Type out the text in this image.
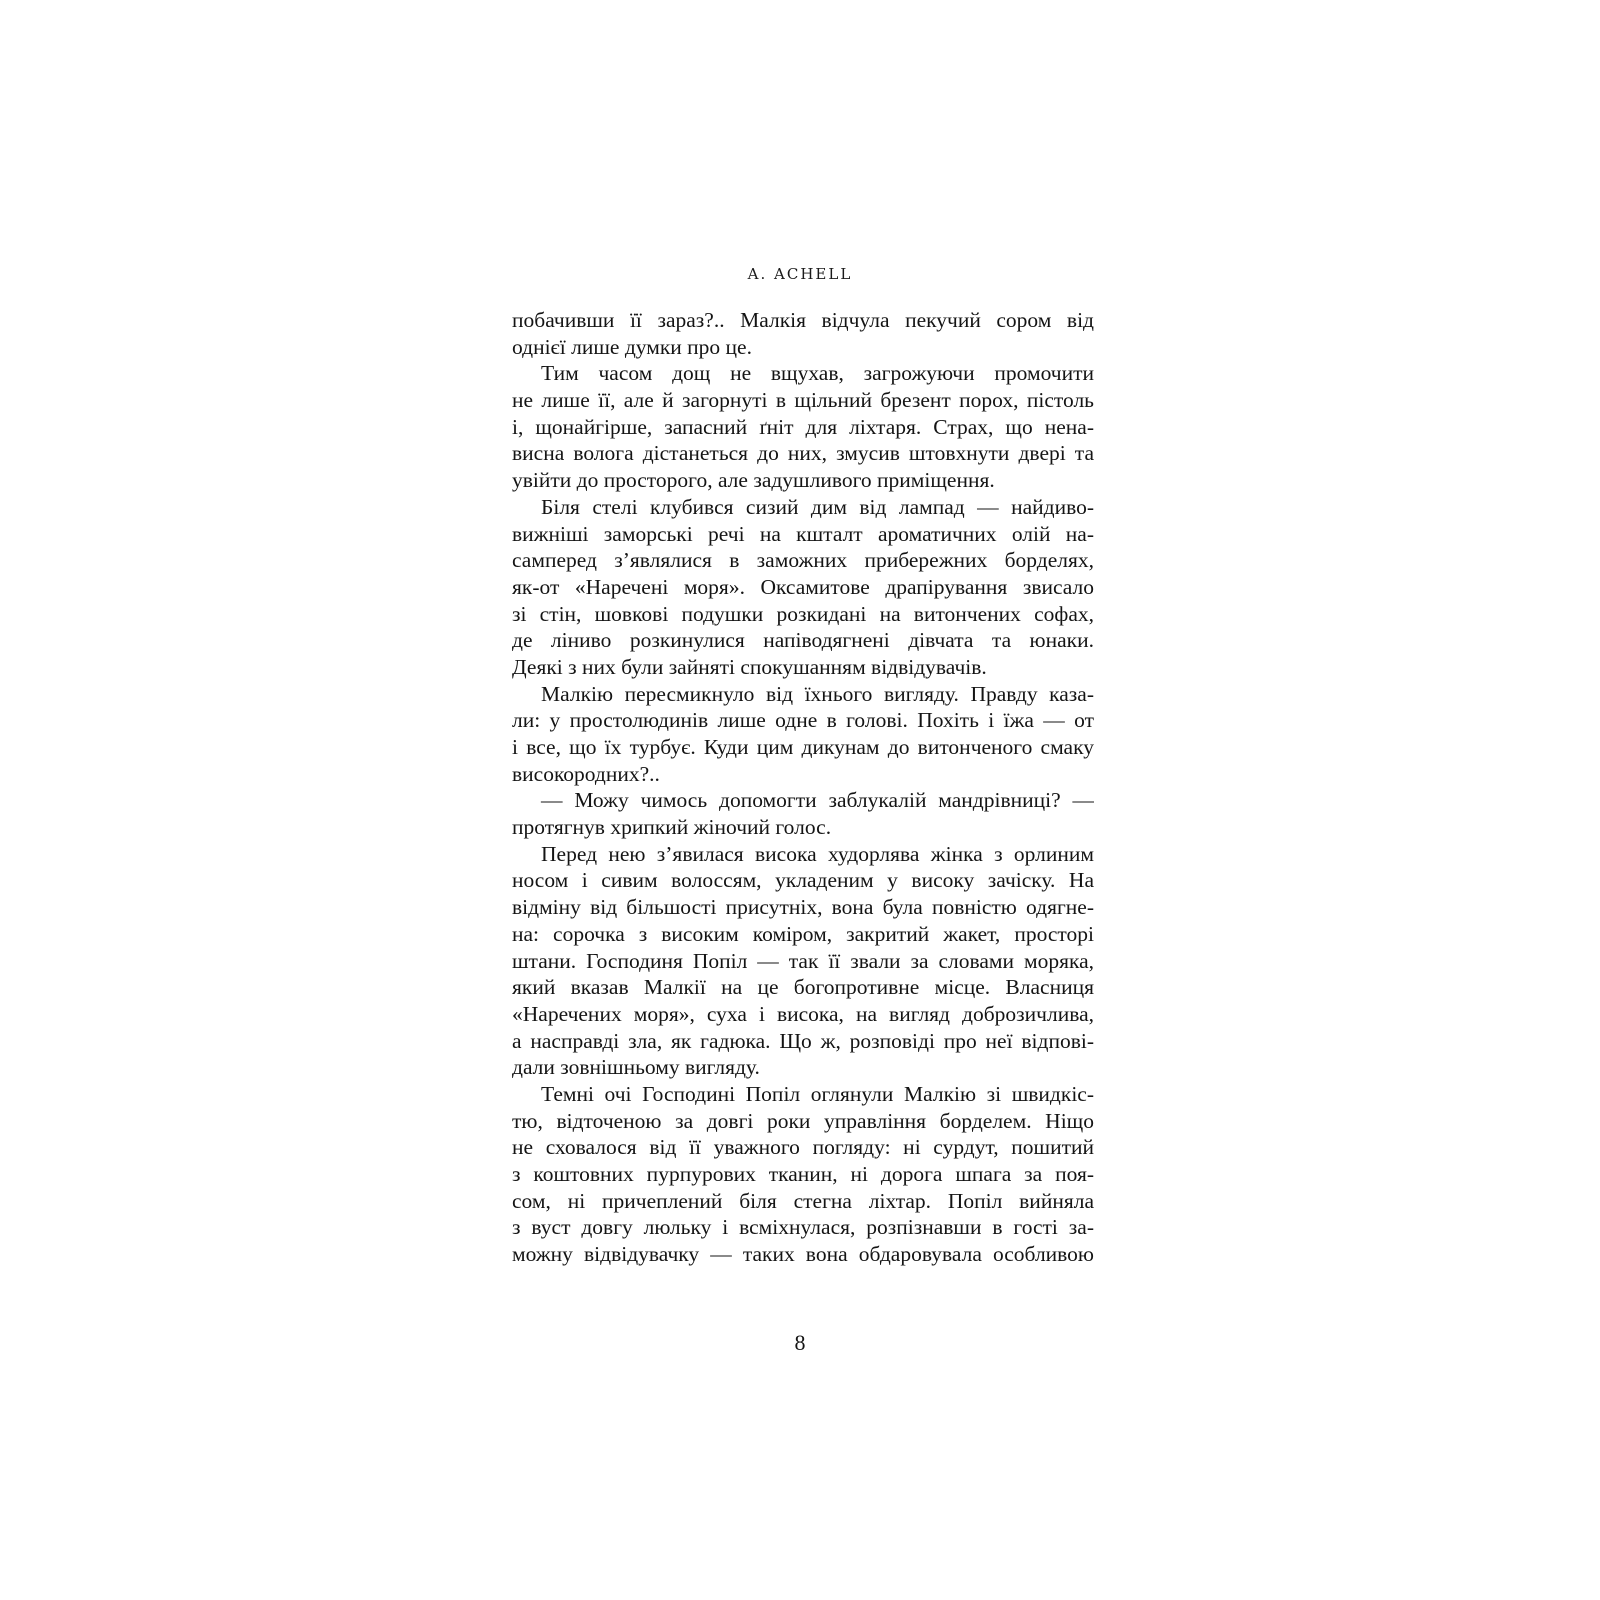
A. ACHELL
побачивши її зараз?.. Малкія відчула пекучий сором від
однієї лише думки про це.
Тим часом дощ не вщухав, загрожуючи промочити
не лише її, але й загорнуті в щільний брезент порох, пістоль
і, щонайгірше, запасний ґніт для ліхтаря. Страх, що нена-
висна волога дістанеться до них, змусив штовхнути двері та
увійти до просторого, але задушливого приміщення.
Біля стелі клубився сизий дим від лампад — найдиво-
вижніші заморські речі на кшталт ароматичних олій на-
самперед з’являлися в заможних прибережних борделях,
як-от «Наречені моря». Оксамитове драпірування звисало
зі стін, шовкові подушки розкидані на витончених софах,
де ліниво розкинулися напіводягнені дівчата та юнаки.
Деякі з них були зайняті спокушанням відвідувачів.
Малкію пересмикнуло від їхнього вигляду. Правду каза-
ли: у простолюдинів лише одне в голові. Похіть і їжа — от
і все, що їх турбує. Куди цим дикунам до витонченого смаку
високородних?..
— Можу чимось допомогти заблукалій мандрівниці? —
протягнув хрипкий жіночий голос.
Перед нею з’явилася висока худорлява жінка з орлиним
носом і сивим волоссям, укладеним у високу зачіску. На
відміну від більшості присутніх, вона була повністю одягне-
на: сорочка з високим коміром, закритий жакет, просторі
штани. Господиня Попіл — так її звали за словами моряка,
який вказав Малкії на це богопротивне місце. Власниця
«Наречених моря», суха і висока, на вигляд доброзичлива,
а насправді зла, як гадюка. Що ж, розповіді про неї відпові-
дали зовнішньому вигляду.
Темні очі Господині Попіл оглянули Малкію зі швидкіс-
тю, відточеною за довгі роки управління борделем. Ніщо
не сховалося від її уважного погляду: ні сурдут, пошитий
з коштовних пурпурових тканин, ні дорога шпага за поя-
сом, ні причеплений біля стегна ліхтар. Попіл вийняла
з вуст довгу люльку і всміхнулася, розпізнавши в гості за-
можну відвідувачку — таких вона обдаровувала особливою
8
